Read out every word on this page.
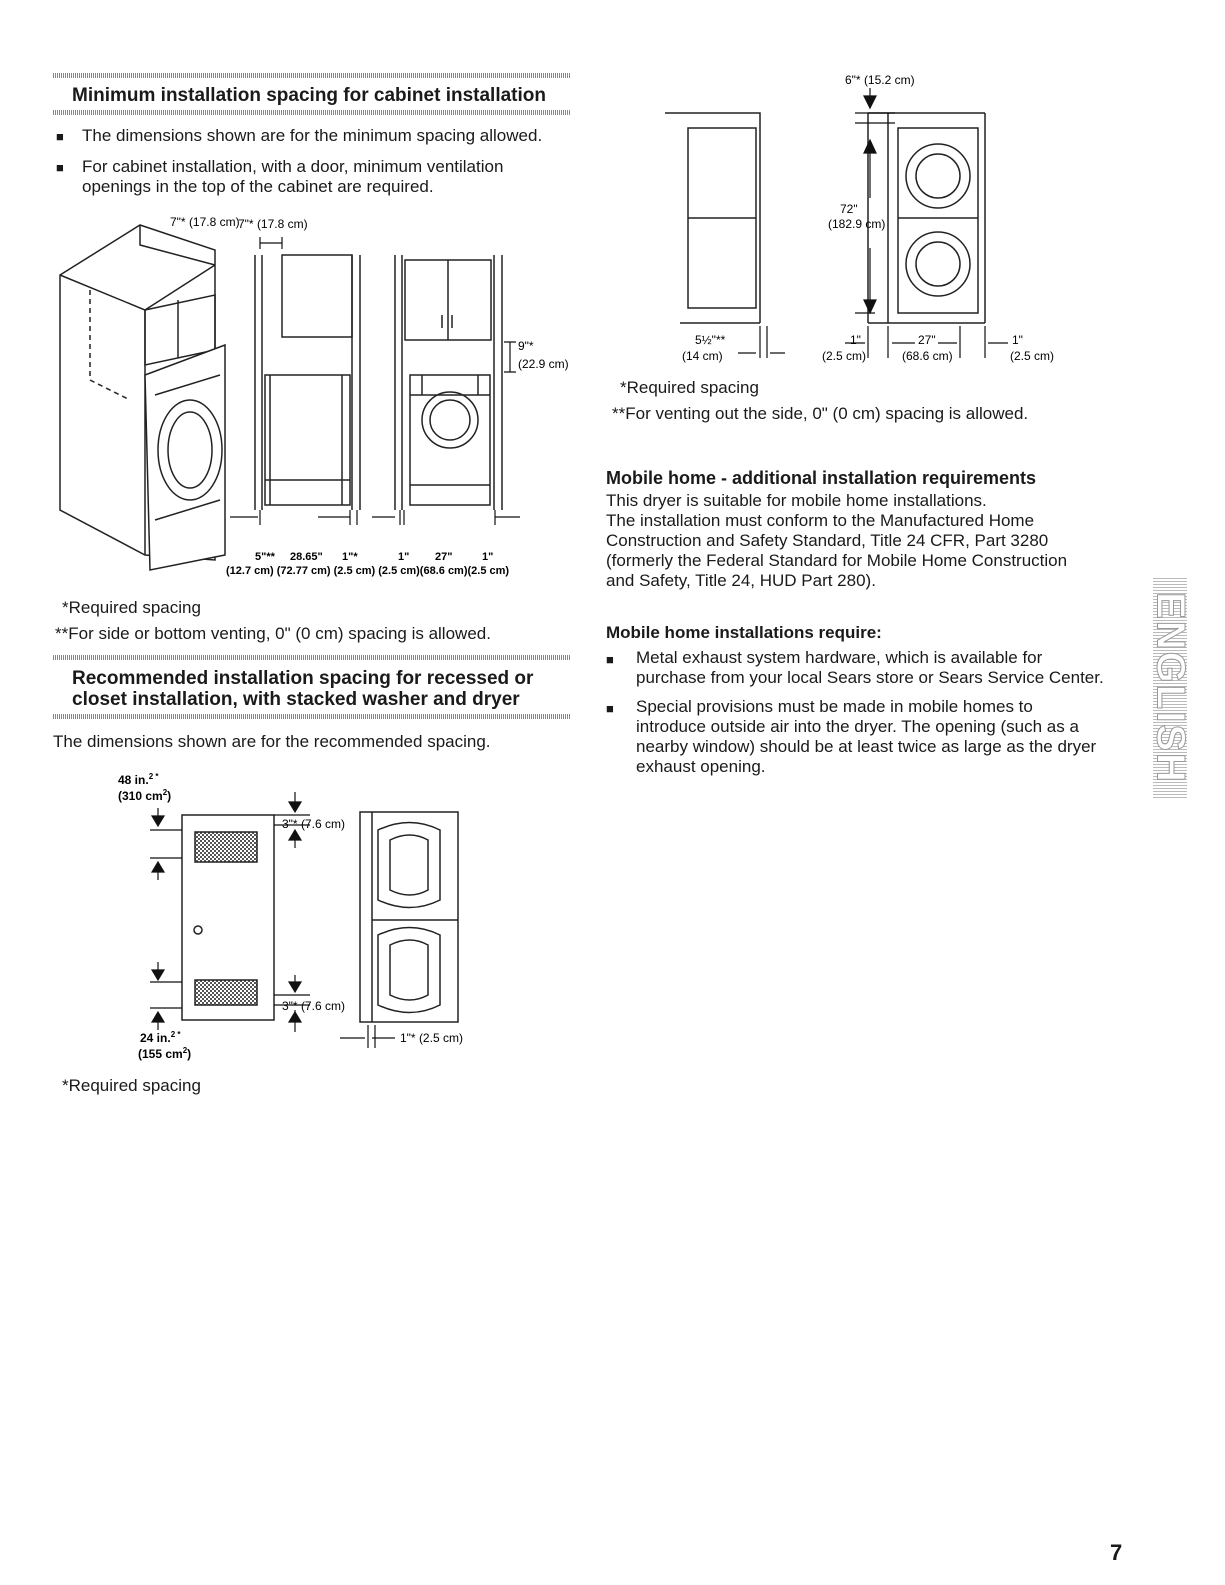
Minimum installation spacing for cabinet installation
■ The dimensions shown are for the minimum spacing allowed.
■ For cabinet installation, with a door, minimum ventilation openings in the top of the cabinet are required.
7"* (17.8 cm)
7"* (17.8 cm)
9"*
(22.9 cm)
5"** 28.65" 1"*	1" 27"	1"
(12.7 cm) (72.77 cm) (2.5 cm) (2.5 cm)(68.6 cm)(2.5 cm)
*Required spacing
**For side or bottom venting, 0" (0 cm) spacing is allowed.
Recommended installation spacing for recessed or
closet installation, with stacked washer and dryer
The dimensions shown are for the recommended spacing.
48 in.$^{2 *}$
(310 $cm^2$)
3"* (7.6 cm)
3"* (7.6 cm)
24 in.$^{2 *}$
(155 $cm^2$)
1"* (2.5 cm)
*Required spacing
6"* (15.2 cm)
72"
(182.9 cm)
5½"**
(14 cm)
1"
(2.5 cm)
27"
(68.6 cm)
1"
(2.5 cm)
*Required spacing
**For venting out the side, 0" (0 cm) spacing is allowed.
Mobile home - additional installation requirements
This dryer is suitable for mobile home installations.
The installation must conform to the Manufactured Home
Construction and Safety Standard, Title 24 CFR, Part 3280
(formerly the Federal Standard for Mobile Home Construction
and Safety, Title 24, HUD Part 280).
Mobile home installations require:
■ Metal exhaust system hardware, which is available for
purchase from your local Sears store or Sears Service Center.
■ Special provisions must be made in mobile homes to
introduce outside air into the dryer. The opening (such as a
nearby window) should be at least twice as large as the dryer
exhaust opening.	ENGLISH
7
